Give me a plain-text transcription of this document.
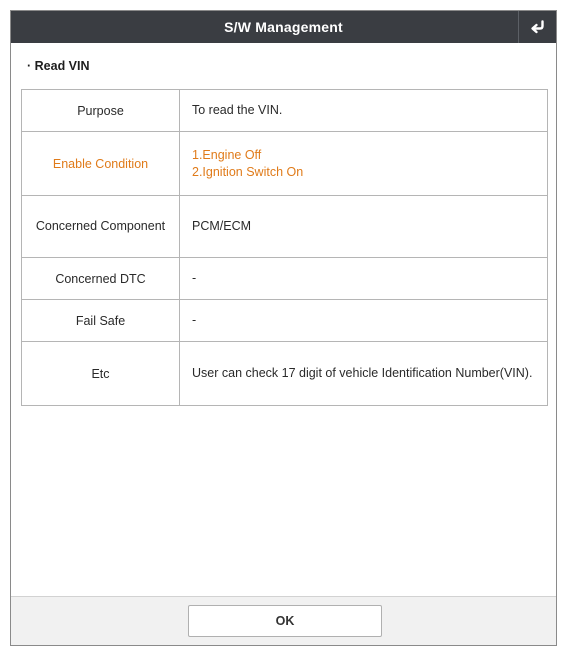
S/W Management
· Read VIN
Purpose	To read the VIN.

Enable Condition	1.Engine Off
2.Ignition Switch On

Concerned Component	PCM/ECM

Concerned DTC	-

Fail Safe	-

Etc	User can check 17 digit of vehicle Identification Number(VIN).
OK
